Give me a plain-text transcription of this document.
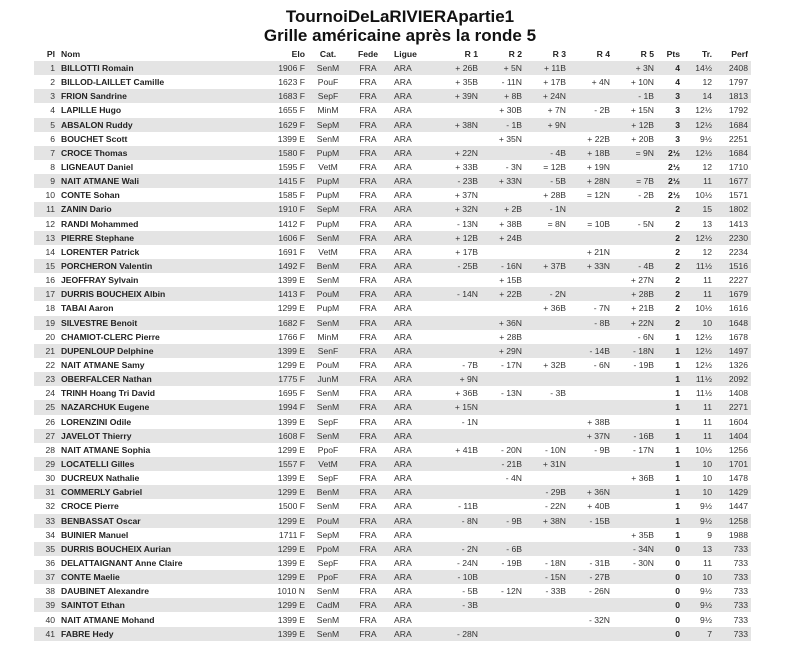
TournoiDeLaRIVIERApartie1
Grille américaine après la ronde 5
Pl	Nom	Elo	Cat.	Fede	Ligue	R 1	R 2	R 3	R 4	R 5	Pts	Tr.	Perf
1	BILLOTTI Romain	1906 F	SenM	FRA	ARA	+ 26B	+ 5N	+ 11B		+ 3N	4	14½	2408
2	BILLOD-LAILLET Camille	1623 F	PouF	FRA	ARA	+ 35B	- 11N	+ 17B	+ 4N	+ 10N	4	12	1797
3	FRION Sandrine	1683 F	SepF	FRA	ARA	+ 39N	+ 8B	+ 24N		- 1B	3	14	1813
4	LAPILLE Hugo	1655 F	MinM	FRA	ARA		+ 30B	+ 7N	- 2B	+ 15N	3	12½	1792
5	ABSALON Ruddy	1629 F	SepM	FRA	ARA	+ 38N	- 1B	+ 9N		+ 12B	3	12½	1684
6	BOUCHET Scott	1399 E	SenM	FRA	ARA		+ 35N		+ 22B	+ 20B	3	9½	2251
7	CROCE Thomas	1580 F	PupM	FRA	ARA	+ 22N		- 4B	+ 18B	= 9N	2½	12½	1684
8	LIGNEAUT Daniel	1595 F	VetM	FRA	ARA	+ 33B	- 3N	= 12B	+ 19N		2½	12	1710
9	NAIT ATMANE Wali	1415 F	PupM	FRA	ARA	- 23B	+ 33N	- 5B	+ 28N	= 7B	2½	11	1677
10	CONTE Sohan	1585 F	PupM	FRA	ARA	+ 37N		+ 28B	= 12N	- 2B	2½	10½	1571
11	ZANIN Dario	1910 F	SepM	FRA	ARA	+ 32N	+ 2B	- 1N			2	15	1802
12	RANDI Mohammed	1412 F	PupM	FRA	ARA	- 13N	+ 38B	= 8N	= 10B	- 5N	2	13	1413
13	PIERRE Stephane	1606 F	SenM	FRA	ARA	+ 12B	+ 24B				2	12½	2230
14	LORENTER Patrick	1691 F	VetM	FRA	ARA	+ 17B			+ 21N		2	12	2234
15	PORCHERON Valentin	1492 F	BenM	FRA	ARA	- 25B	- 16N	+ 37B	+ 33N	- 4B	2	11½	1516
16	JEOFFRAY Sylvain	1399 E	SenM	FRA	ARA		+ 15B			+ 27N	2	11	2227
17	DURRIS BOUCHEIX Albin	1413 F	PouM	FRA	ARA	- 14N	+ 22B	- 2N		+ 28B	2	11	1679
18	TABAI Aaron	1299 E	PupM	FRA	ARA			+ 36B	- 7N	+ 21B	2	10½	1616
19	SILVESTRE Benoit	1682 F	SenM	FRA	ARA		+ 36N		- 8B	+ 22N	2	10	1648
20	CHAMIOT-CLERC Pierre	1766 F	MinM	FRA	ARA		+ 28B			- 6N	1	12½	1678
21	DUPENLOUP Delphine	1399 E	SenF	FRA	ARA		+ 29N		- 14B	- 18N	1	12½	1497
22	NAIT ATMANE Samy	1299 E	PouM	FRA	ARA	- 7B	- 17N	+ 32B	- 6N	- 19B	1	12½	1326
23	OBERFALCER Nathan	1775 F	JunM	FRA	ARA	+ 9N					1	11½	2092
24	TRINH Hoang Tri David	1695 F	SenM	FRA	ARA	+ 36B	- 13N	- 3B			1	11½	1408
25	NAZARCHUK Eugene	1994 F	SenM	FRA	ARA	+ 15N					1	11	2271
26	LORENZINI Odile	1399 E	SepF	FRA	ARA	- 1N			+ 38B		1	11	1604
27	JAVELOT Thierry	1608 F	SenM	FRA	ARA				+ 37N	- 16B	1	11	1404
28	NAIT ATMANE Sophia	1299 E	PpoF	FRA	ARA	+ 41B	- 20N	- 10N	- 9B	- 17N	1	10½	1256
29	LOCATELLI Gilles	1557 F	VetM	FRA	ARA		- 21B	+ 31N			1	10	1701
30	DUCREUX Nathalie	1399 E	SepF	FRA	ARA		- 4N			+ 36B	1	10	1478
31	COMMERLY Gabriel	1299 E	BenM	FRA	ARA			- 29B	+ 36N		1	10	1429
32	CROCE Pierre	1500 F	SenM	FRA	ARA	- 11B		- 22N	+ 40B		1	9½	1447
33	BENBASSAT Oscar	1299 E	PouM	FRA	ARA	- 8N	- 9B	+ 38N	- 15B		1	9½	1258
34	BUINIER Manuel	1711 F	SepM	FRA	ARA					+ 35B	1	9	1988
35	DURRIS BOUCHEIX Aurian	1299 E	PpoM	FRA	ARA	- 2N	- 6B			- 34N	0	13	733
36	DELATTAIGNANT Anne Claire	1399 E	SepF	FRA	ARA	- 24N	- 19B	- 18N	- 31B	- 30N	0	11	733
37	CONTE Maelie	1299 E	PpoF	FRA	ARA	- 10B		- 15N	- 27B		0	10	733
38	DAUBINET Alexandre	1010 N	SenM	FRA	ARA	- 5B	- 12N	- 33B	- 26N		0	9½	733
39	SAINTOT Ethan	1299 E	CadM	FRA	ARA	- 3B					0	9½	733
40	NAIT ATMANE Mohand	1399 E	SenM	FRA	ARA				- 32N		0	9½	733
41	FABRE Hedy	1399 E	SenM	FRA	ARA	- 28N					0	7	733
